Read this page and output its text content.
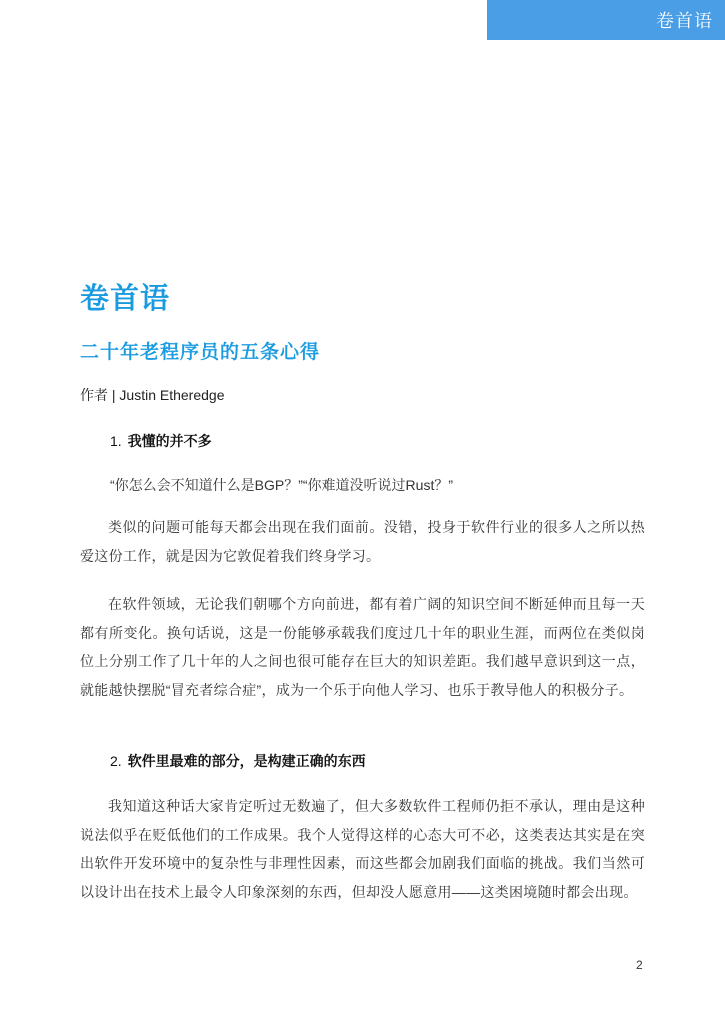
卷首语
卷首语
二十年老程序员的五条心得
作者 | Justin Etheredge
1. 我懂的并不多
“你怎么会不知道什么是BGP？”“你难道没听说过Rust？”

类似的问题可能每天都会出现在我们面前。没错，投身于软件行业的很多人之所以热爱这份工作，就是因为它敦促着我们终身学习。

在软件领域，无论我们朝哪个方向前进，都有着广阔的知识空间不断延伸而且每一天都有所变化。换句话说，这是一份能够承载我们度过几十年的职业生涯，而两位在类似岗位上分别工作了几十年的人之间也很可能存在巨大的知识差距。我们越早意识到这一点，就能越快摆脱“冒充者综合症”，成为一个乐于向他人学习、也乐于教导他人的积极分子。

2. 软件里最难的部分，是构建正确的东西

我知道这种话大家肯定听过无数遍了，但大多数软件工程师仍拒不承认，理由是这种说法似乎在贬低他们的工作成果。我个人觉得这样的心态大可不必，这类表达其实是在突出软件开发环境中的复杂性与非理性因素，而这些都会加剧我们面临的挑战。我们当然可以设计出在技术上最令人印象深刻的东西，但却没人愿意用——这类困境随时都会出现。

2
